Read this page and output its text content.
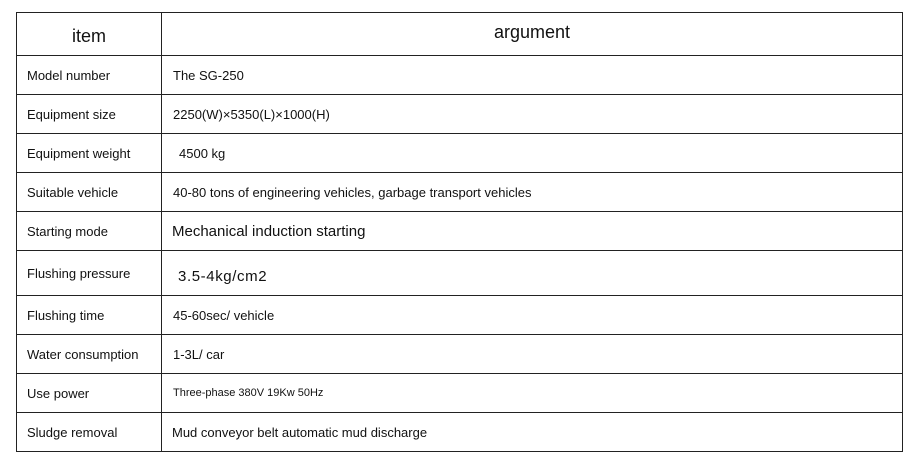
item	argument
Model number	The SG-250
Equipment size	2250(W)×5350(L)×1000(H)
Equipment weight	4500 kg
Suitable vehicle	40-80 tons of engineering vehicles, garbage transport vehicles
Starting mode	Mechanical induction starting
Flushing pressure	3.5-4kg/cm2
Flushing time	45-60sec/ vehicle
Water consumption	1-3L/ car
Use power	Three-phase 380V 19Kw 50Hz
Sludge removal	Mud conveyor belt automatic mud discharge
